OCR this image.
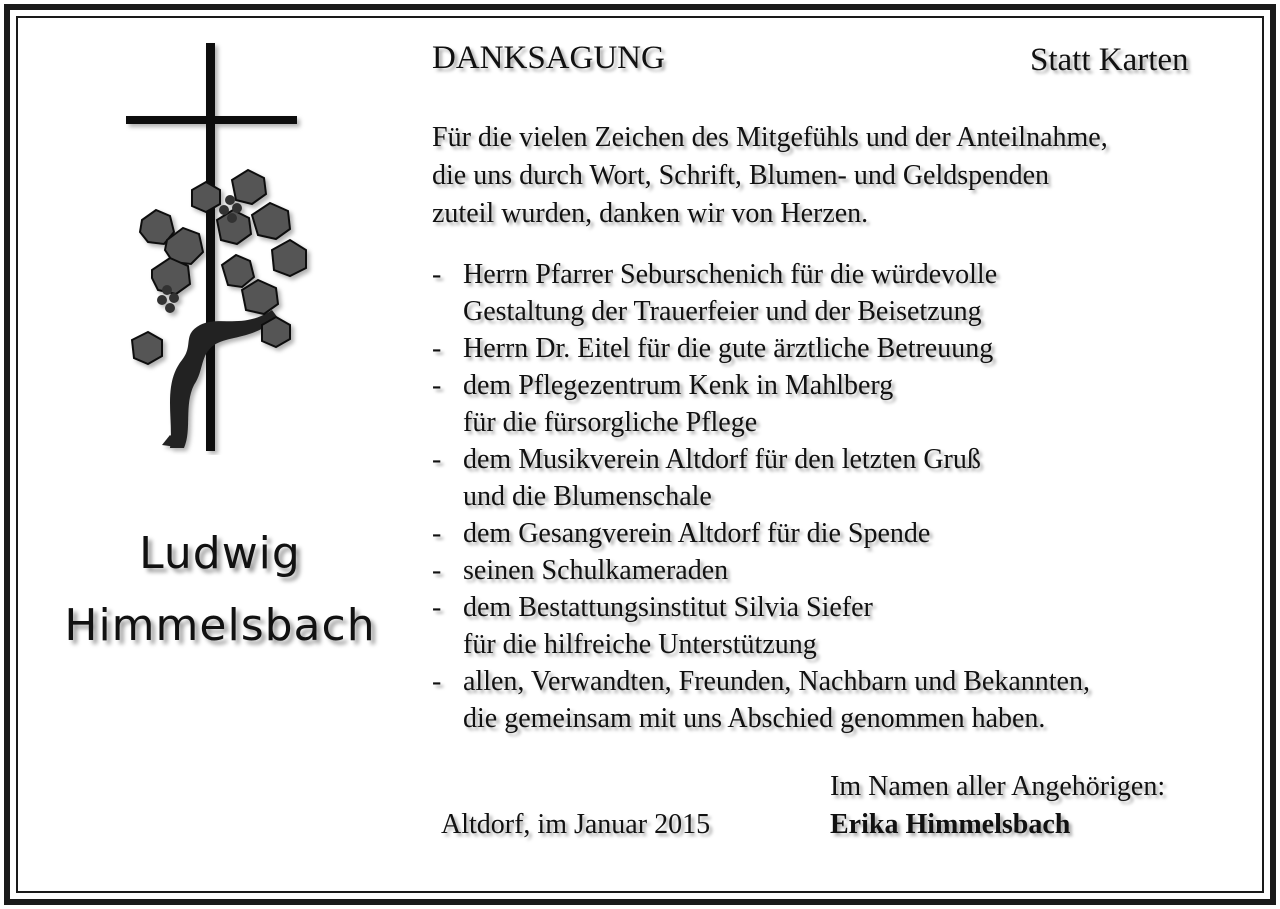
DANKSAGUNG	Statt Karten
Für die vielen Zeichen des Mitgefühls und der Anteilnahme,
die uns durch Wort, Schrift, Blumen- und Geldspenden
zuteil wurden, danken wir von Herzen.
- Herrn Pfarrer Seburschenich für die würdevolle
Gestaltung der Trauerfeier und der Beisetzung
- Herrn Dr. Eitel für die gute ärztliche Betreuung
- dem Pflegezentrum Kenk in Mahlberg
für die fürsorgliche Pflege
- dem Musikverein Altdorf für den letzten Gruß
und die Blumenschale
- dem Gesangverein Altdorf für die Spende
- seinen Schulkameraden
- dem Bestattungsinstitut Silvia Siefer
für die hilfreiche Unterstützung
- allen, Verwandten, Freunden, Nachbarn und Bekannten,
die gemeinsam mit uns Abschied genommen haben.
Ludwig
Himmelsbach
Im Namen aller Angehörigen:
Altdorf, im Januar 2015	Erika Himmelsbach
